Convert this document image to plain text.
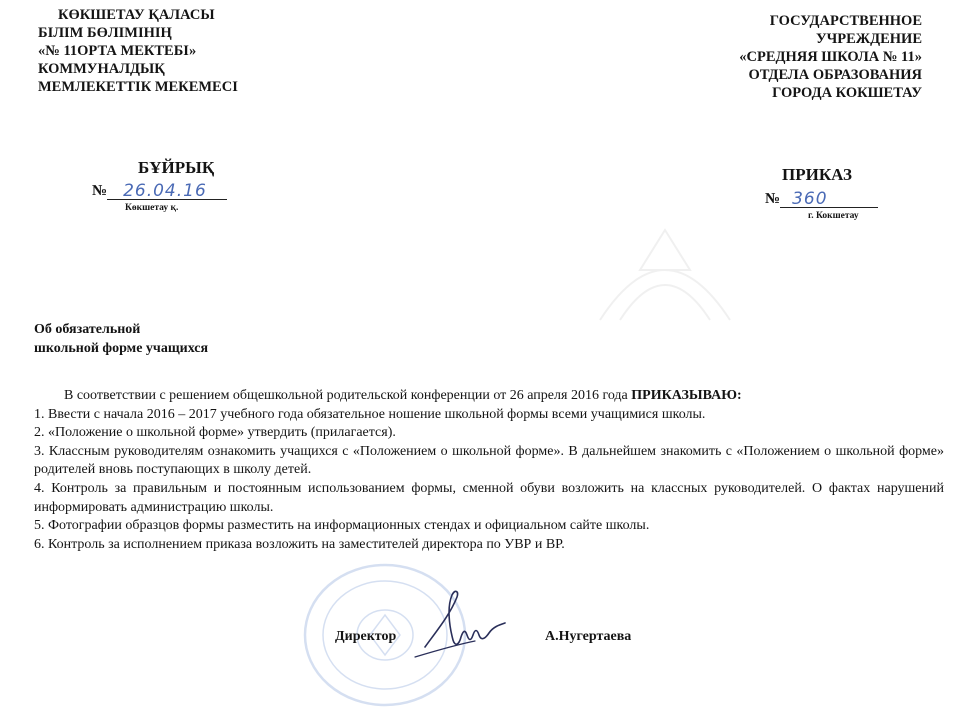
КӨКШЕТАУ ҚАЛАСЫ
БІЛІМ БӨЛІМІНІҢ
«№ 11ОРТА МЕКТЕБІ»
КОММУНАЛДЫҚ
МЕМЛЕКЕТТІК МЕКЕМЕСІ
ГОСУДАРСТВЕННОЕ
УЧРЕЖДЕНИЕ
«СРЕДНЯЯ ШКОЛА № 11»
ОТДЕЛА ОБРАЗОВАНИЯ
ГОРОДА КОКШЕТАУ
БҰЙРЫҚ
№ 26.04.16
Көкшетау қ.
ПРИКАЗ
№ 360
г. Кокшетау
Об обязательной
школьной форме учащихся

В соответствии с решением общешкольной родительской конференции от 26 апреля 2016 года ПРИКАЗЫВАЮ:

1. Ввести с начала 2016 – 2017 учебного года обязательное ношение школьной формы всеми учащимися школы.

2. «Положение о школьной форме» утвердить (прилагается).

3. Классным руководителям ознакомить учащихся с «Положением о школьной форме». В дальнейшем знакомить с «Положением о школьной форме» родителей вновь поступающих в школу детей.

4. Контроль за правильным и постоянным использованием формы, сменной обуви возложить на классных руководителей. О фактах нарушений информировать администрацию школы.

5. Фотографии образцов формы разместить на информационных стендах и официальном сайте школы.

6. Контроль за исполнением приказа возложить на заместителей директора по УВР и ВР.

Директор	А.Нугертаева
